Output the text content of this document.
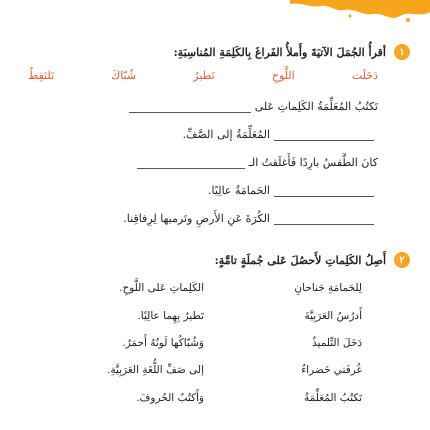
١
أقرأُ الجُمَلَ الآتيَةَ وأَملأُ الفَراغَ بِالكَلِمَةِ المُناسِبَةِ:
دَخَلَت
اللَّوحِ
تَطيرُ
شُبّاكَ
تَلتَقِطُ
تَكتُبُ المُعَلِّمَةُ الكَلِماتِ عَلى
المُعَلِّمَةُ إلى الصَّفِّ.
كانَ الطَّقسُ بارِدًا فَأَغلَقتُ الـ
الحَمامَةُ عالِيًا.
الكُرَةَ عَنِ الأَرضِ وتَرميها لِرِفاقِنا.
٢
أَصِلُ الكَلِماتِ لأَحصُلَ عَلى جُملَةٍ تامَّةٍ:
لِلحَمامَةِ جَناحانِ
أَدرُسُ العَرَبِيَّةَ
دَخَلَ التِّلميذُ
غُرفَتي خَضراءُ
تَكتُبُ المُعَلِّمَةُ
الكَلِماتِ عَلى اللَّوحِ.
تَطيرُ بِهِما عالِيًا.
وَشُبّاكُها لَونُهُ أَحمَرُ.
إلى صَفِّ اللُّغَةِ العَرَبِيَّةِ.
وَأَكتُبُ الحُروفَ.
